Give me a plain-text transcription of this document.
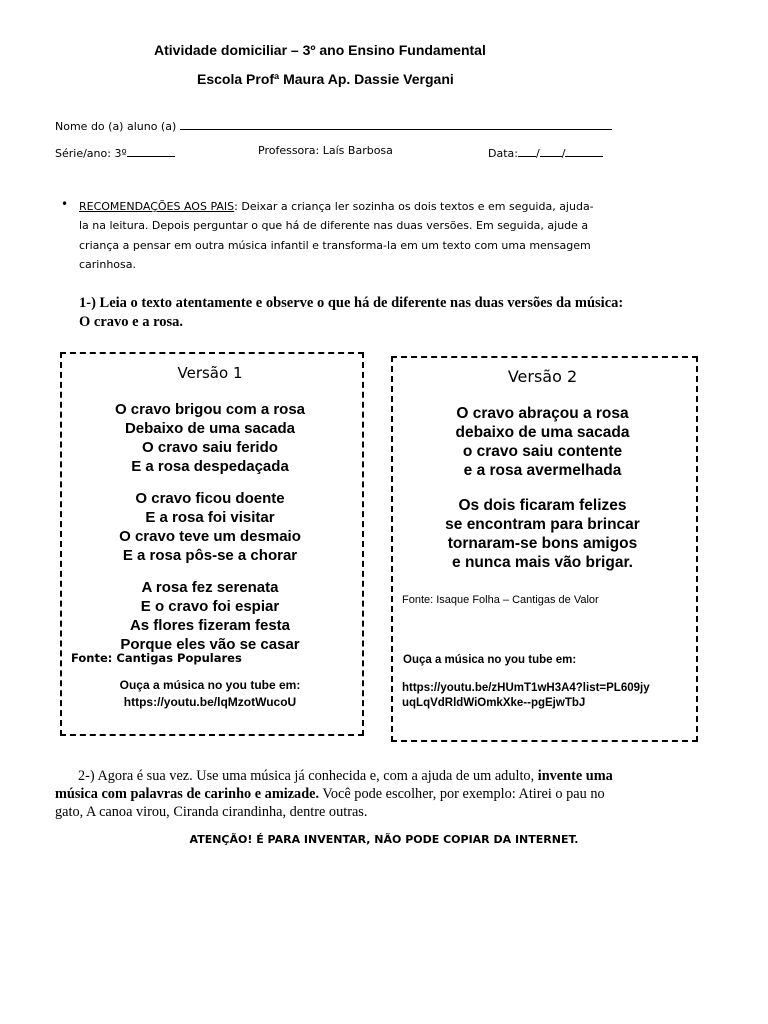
Atividade domiciliar – 3º ano Ensino Fundamental
Escola Profª Maura Ap. Dassie Vergani
Nome do (a) aluno (a)
Série/ano: 3º	Professora: Laís Barbosa	Data: / /
• RECOMENDAÇÕES AOS PAIS: Deixar a criança ler sozinha os dois textos e em seguida, ajuda-
la na leitura. Depois perguntar o que há de diferente nas duas versões. Em seguida, ajude a
criança a pensar em outra música infantil e transforma-la em um texto com uma mensagem
carinhosa.
1-) Leia o texto atentamente e observe o que há de diferente nas duas versões da música:
O cravo e a rosa.
Versão 1
O cravo brigou com a rosa
Debaixo de uma sacada
O cravo saiu ferido
E a rosa despedaçada
O cravo ficou doente
E a rosa foi visitar
O cravo teve um desmaio
E a rosa pôs-se a chorar
A rosa fez serenata
E o cravo foi espiar
As flores fizeram festa
Porque eles vão se casar
Fonte: Cantigas Populares
Ouça a música no you tube em:
https://youtu.be/lqMzotWucoU
Versão 2
O cravo abraçou a rosa
debaixo de uma sacada
o cravo saiu contente
e a rosa avermelhada
Os dois ficaram felizes
se encontram para brincar
tornaram-se bons amigos
e nunca mais vão brigar.
Fonte: Isaque Folha – Cantigas de Valor
Ouça a música no you tube em:
https://youtu.be/zHUmT1wH3A4?list=PL609jy
uqLqVdRldWiOmkXke--pgEjwTbJ
2-) Agora é sua vez. Use uma música já conhecida e, com a ajuda de um adulto, invente uma
música com palavras de carinho e amizade. Você pode escolher, por exemplo: Atirei o pau no
gato, A canoa virou, Ciranda cirandinha, dentre outras.
ATENÇÃO! É PARA INVENTAR, NÃO PODE COPIAR DA INTERNET.
